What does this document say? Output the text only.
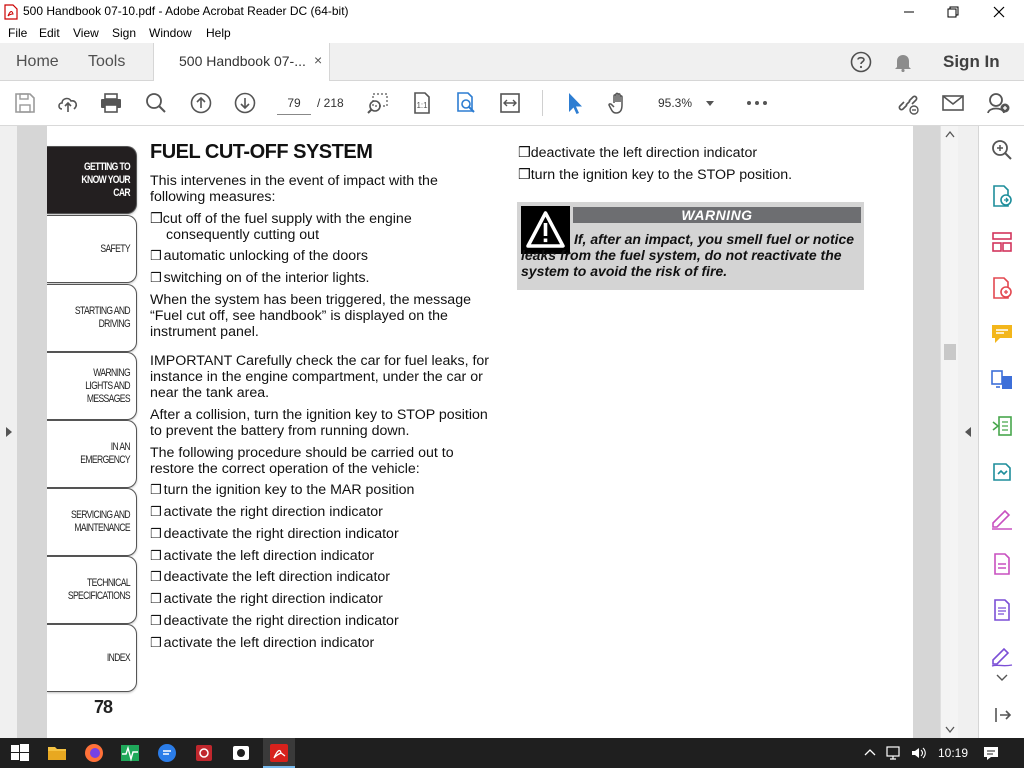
500 Handbook 07-10.pdf - Adobe Acrobat Reader DC (64-bit)
File Edit View Sign Window Help
Home Tools	500 Handbook 07-... ×	Sign In
79	/ 218	1:1	95.3%
GETTING TO
KNOW YOUR
CAR
SAFETY
STARTING AND
DRIVING
WARNING
LIGHTS AND
MESSAGES
IN AN
EMERGENCY
SERVICING AND
MAINTENANCE
TECHNICAL
SPECIFICATIONS
INDEX
78
FUEL CUT-OFF SYSTEM
This intervenes in the event of impact with the following measures:
❒cut off of the fuel supply with the engine
consequently cutting out
❒ automatic unlocking of the doors
❒ switching on of the interior lights.
When the system has been triggered, the message “Fuel cut off, see handbook” is displayed on the instrument panel.
IMPORTANT Carefully check the car for fuel leaks, for instance in the engine compartment, under the car or near the tank area.
After a collision, turn the ignition key to STOP position to prevent the battery from running down.
The following procedure should be carried out to restore the correct operation of the vehicle:
❒ turn the ignition key to the MAR position
❒ activate the right direction indicator
❒ deactivate the right direction indicator
❒ activate the left direction indicator
❒ deactivate the left direction indicator
❒ activate the right direction indicator
❒ deactivate the right direction indicator
❒ activate the left direction indicator
❒deactivate the left direction indicator
❒turn the ignition key to the STOP position.
WARNING
If, after an impact, you smell fuel or notice leaks from the fuel system, do not reactivate the system to avoid the risk of fire.
10:19
